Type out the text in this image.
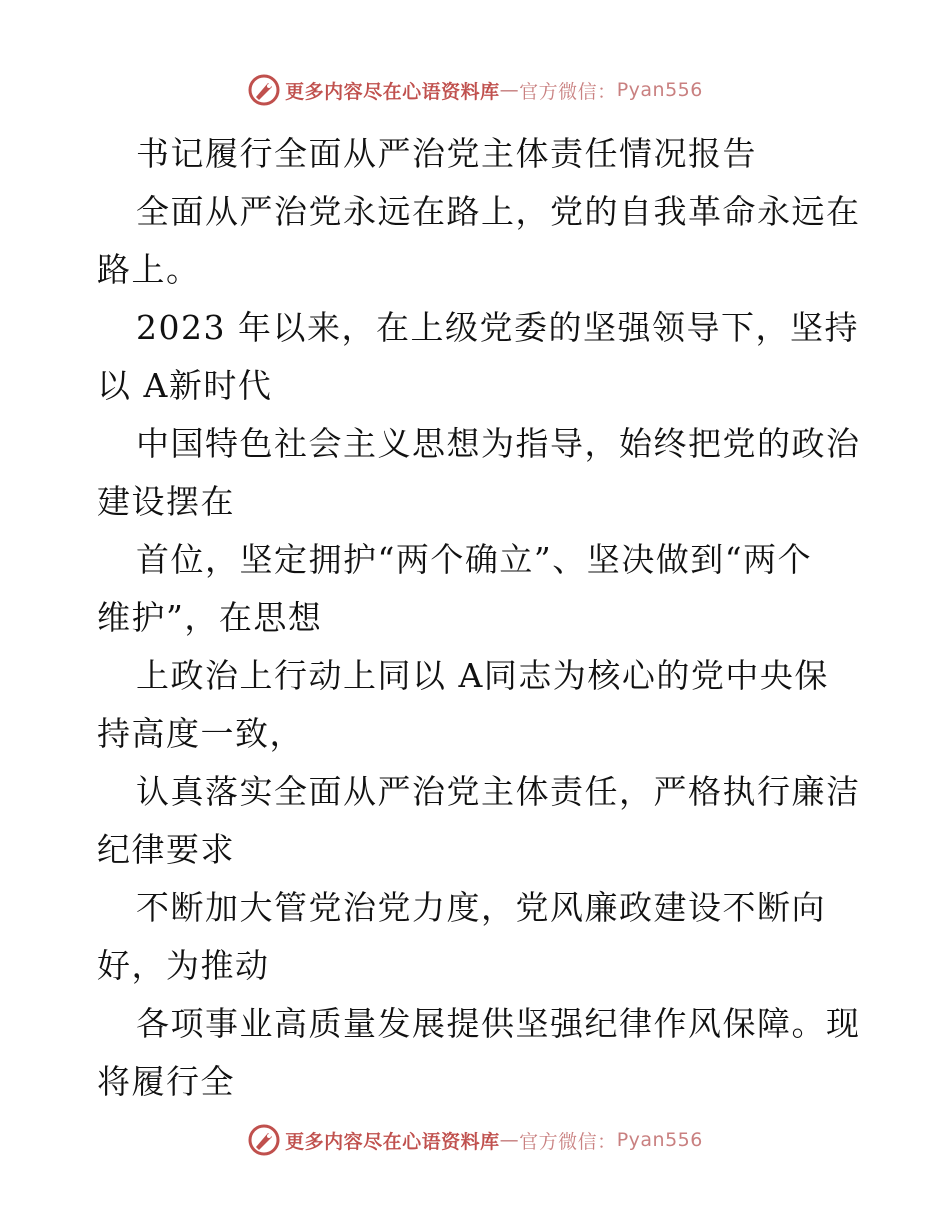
更多内容尽在心语资料库 — 官方微信： Pyan556
书记履行全面从严治党主体责任情况报告
全面从严治党永远在路上，党的自我革命永远在
路上。
2023 年以来，在上级党委的坚强领导下，坚持
以 A新时代
中国特色社会主义思想为指导，始终把党的政治
建设摆在
首位，坚定拥护“两个确立”、坚决做到“两个
维护”，在思想
上政治上行动上同以 A同志为核心的党中央保
持高度一致，
认真落实全面从严治党主体责任，严格执行廉洁
纪律要求
不断加大管党治党力度，党风廉政建设不断向
好，为推动
各项事业高质量发展提供坚强纪律作风保障。现
将履行全
更多内容尽在心语资料库 — 官方微信： Pyan556
